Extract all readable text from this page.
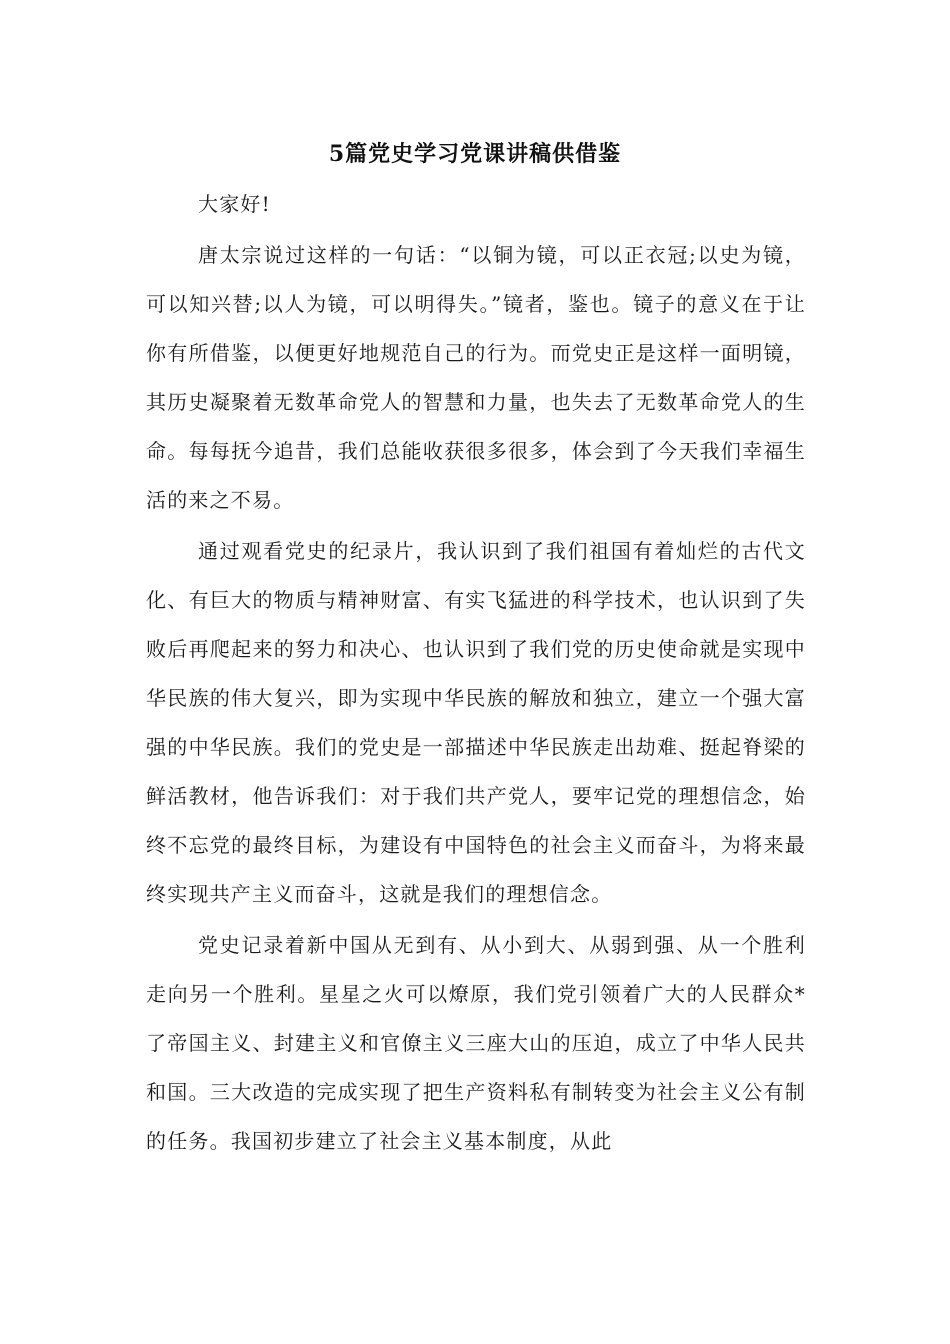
5篇党史学习党课讲稿供借鉴

大家好!

唐太宗说过这样的一句话：“以铜为镜，可以正衣冠;以史为镜，可以知兴替;以人为镜，可以明得失。”镜者，鉴也。镜子的意义在于让你有所借鉴，以便更好地规范自己的行为。而党史正是这样一面明镜，其历史凝聚着无数革命党人的智慧和力量，也失去了无数革命党人的生命。每每抚今追昔，我们总能收获很多很多，体会到了今天我们幸福生活的来之不易。

通过观看党史的纪录片，我认识到了我们祖国有着灿烂的古代文化、有巨大的物质与精神财富、有实飞猛进的科学技术，也认识到了失败后再爬起来的努力和决心、也认识到了我们党的历史使命就是实现中华民族的伟大复兴，即为实现中华民族的解放和独立，建立一个强大富强的中华民族。我们的党史是一部描述中华民族走出劫难、挺起脊梁的鲜活教材，他告诉我们：对于我们共产党人，要牢记党的理想信念，始终不忘党的最终目标，为建设有中国特色的社会主义而奋斗，为将来最终实现共产主义而奋斗，这就是我们的理想信念。

党史记录着新中国从无到有、从小到大、从弱到强、从一个胜利走向另一个胜利。星星之火可以燎原，我们党引领着广大的人民群众*了帝国主义、封建主义和官僚主义三座大山的压迫，成立了中华人民共和国。三大改造的完成实现了把生产资料私有制转变为社会主义公有制的任务。我国初步建立了社会主义基本制度，从此
